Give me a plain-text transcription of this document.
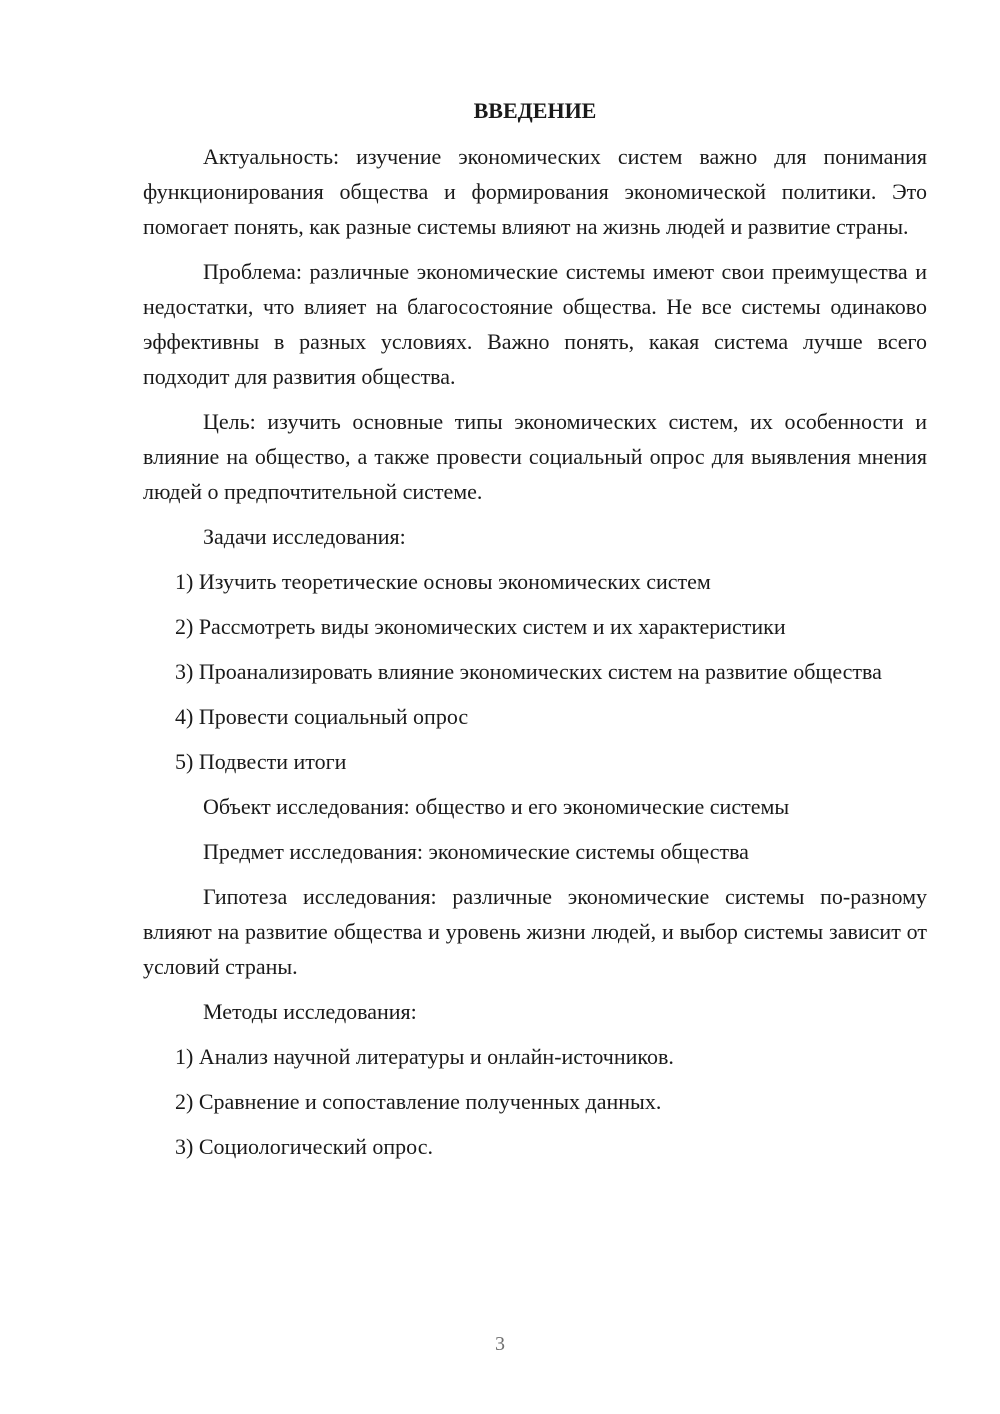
ВВЕДЕНИЕ

Актуальность: изучение экономических систем важно для понимания функционирования общества и формирования экономической политики. Это помогает понять, как разные системы влияют на жизнь людей и развитие страны.

Проблема: различные экономические системы имеют свои преимущества и недостатки, что влияет на благосостояние общества. Не все системы одинаково эффективны в разных условиях. Важно понять, какая система лучше всего подходит для развития общества.

Цель: изучить основные типы экономических систем, их особенности и влияние на общество, а также провести социальный опрос для выявления мнения людей о предпочтительной системе.

Задачи исследования:

1) Изучить теоретические основы экономических систем

2) Рассмотреть виды экономических систем и их характеристики

3) Проанализировать влияние экономических систем на развитие общества

4) Провести социальный опрос

5) Подвести итоги

Объект исследования: общество и его экономические системы

Предмет исследования: экономические системы общества

Гипотеза исследования: различные экономические системы по-разному влияют на развитие общества и уровень жизни людей, и выбор системы зависит от условий страны.

Методы исследования:

1) Анализ научной литературы и онлайн-источников.

2) Сравнение и сопоставление полученных данных.

3) Социологический опрос.

3
